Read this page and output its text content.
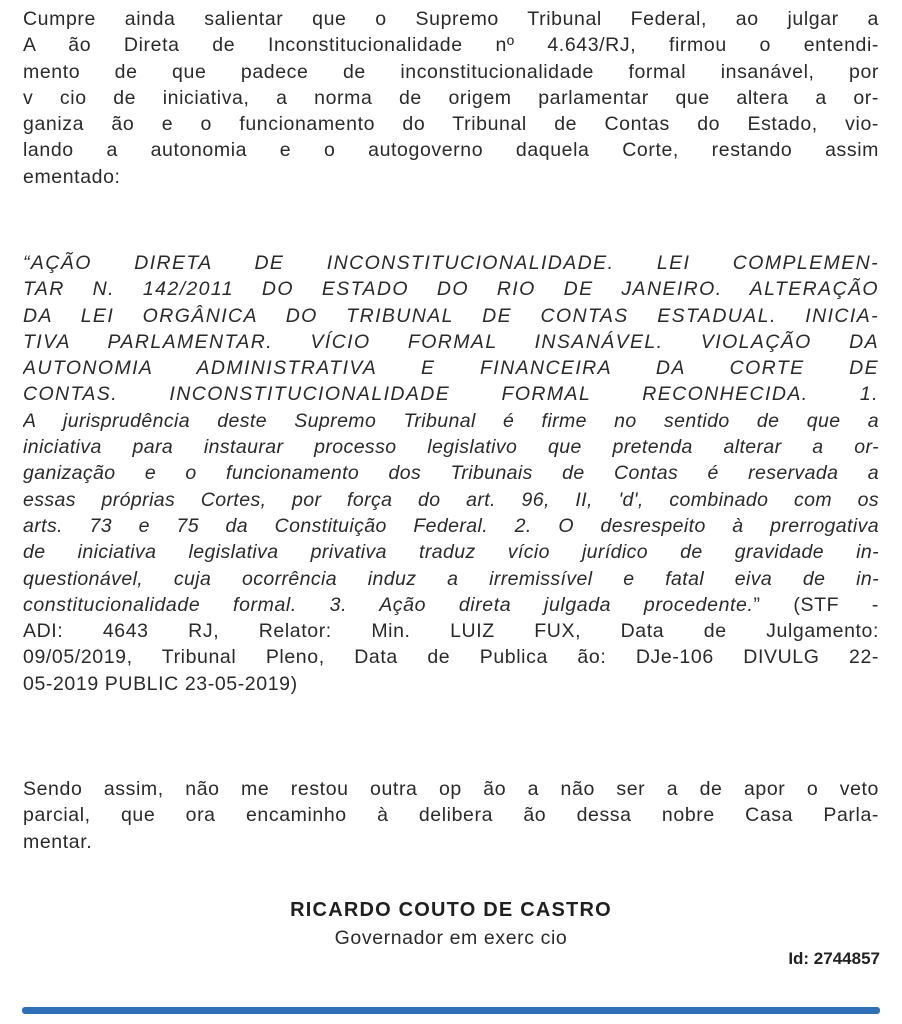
Cumpre ainda salientar que o Supremo Tribunal Federal, ao julgar a
A ão Direta de Inconstitucionalidade nº 4.643/RJ, firmou o entendi-
mento de que padece de inconstitucionalidade formal insanável, por
v cio de iniciativa, a norma de origem parlamentar que altera a or-
ganiza ão e o funcionamento do Tribunal de Contas do Estado, vio-
lando a autonomia e o autogoverno daquela Corte, restando assim
ementado:
“AÇÃO DIRETA DE INCONSTITUCIONALIDADE. LEI COMPLEMEN-
TAR N. 142/2011 DO ESTADO DO RIO DE JANEIRO. ALTERAÇÃO
DA LEI ORGÂNICA DO TRIBUNAL DE CONTAS ESTADUAL. INICIA-
TIVA PARLAMENTAR. VÍCIO FORMAL INSANÁVEL. VIOLAÇÃO DA
AUTONOMIA ADMINISTRATIVA E FINANCEIRA DA CORTE DE
CONTAS. INCONSTITUCIONALIDADE FORMAL RECONHECIDA. 1.
A jurisprudência deste Supremo Tribunal é firme no sentido de que a
iniciativa para instaurar processo legislativo que pretenda alterar a or-
ganização e o funcionamento dos Tribunais de Contas é reservada a
essas próprias Cortes, por força do art. 96, II, 'd', combinado com os
arts. 73 e 75 da Constituição Federal. 2. O desrespeito à prerrogativa
de iniciativa legislativa privativa traduz vício jurídico de gravidade in-
questionável, cuja ocorrência induz a irremissível e fatal eiva de in-
constitucionalidade formal. 3. Ação direta julgada procedente.” (STF -
ADI: 4643 RJ, Relator: Min. LUIZ FUX, Data de Julgamento:
09/05/2019, Tribunal Pleno, Data de Publica ão: DJe-106 DIVULG 22-
05-2019 PUBLIC 23-05-2019)
Sendo assim, não me restou outra op ão a não ser a de apor o veto
parcial, que ora encaminho à delibera ão dessa nobre Casa Parla-
mentar.
RICARDO COUTO DE CASTRO
Governador em exerc cio
Id: 2744857
